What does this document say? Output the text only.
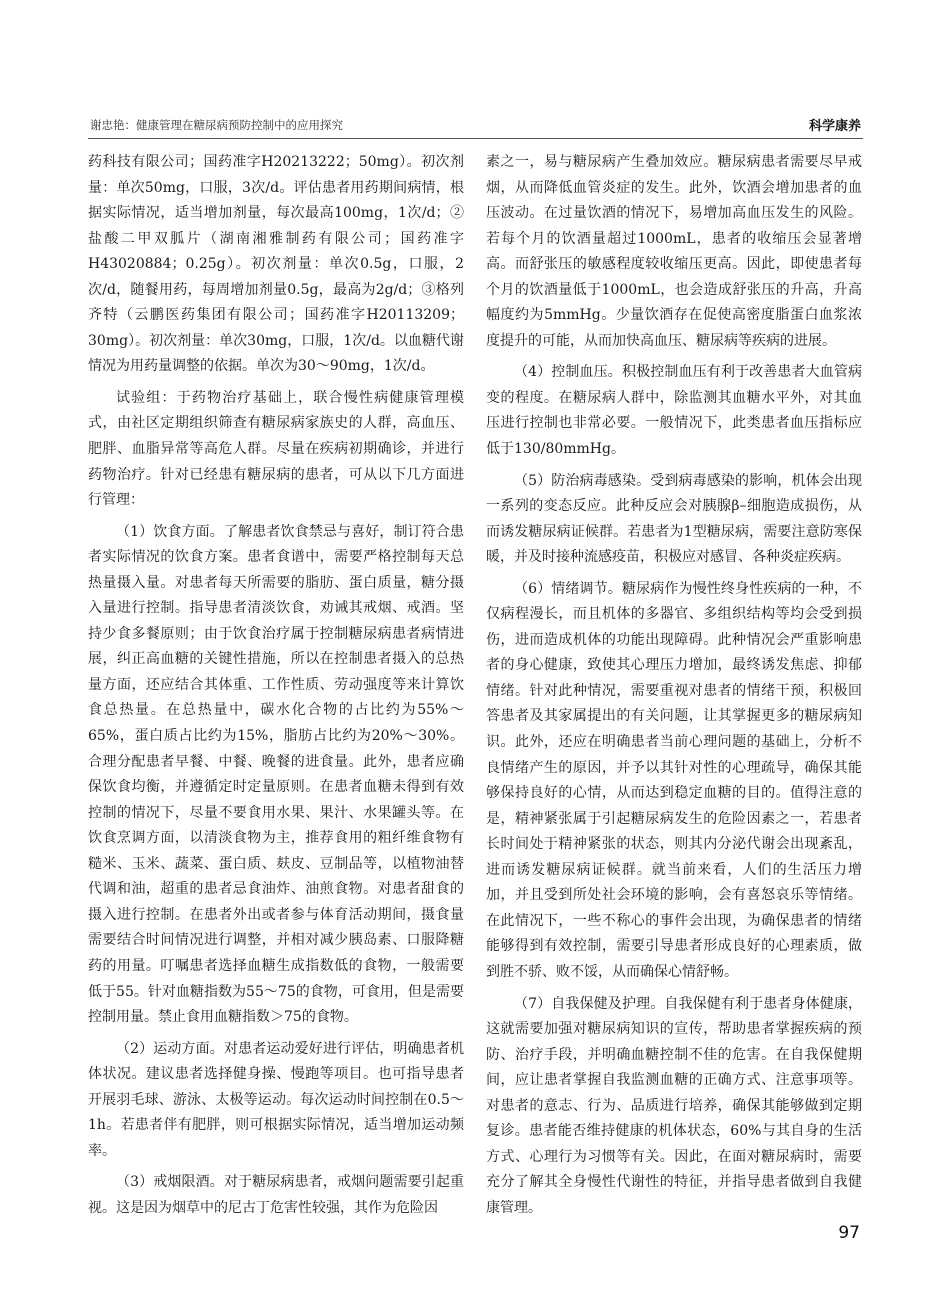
谢忠艳：健康管理在糖尿病预防控制中的应用探究	科学康养

药科技有限公司；国药准字H20213222；50mg）。初次剂量：单次50mg，口服，3次/d。评估患者用药期间病情，根据实际情况，适当增加剂量，每次最高100mg，1次/d；②盐酸二甲双胍片（湖南湘雅制药有限公司；国药准字H43020884；0.25g）。初次剂量：单次0.5g，口服，2次/d，随餐用药，每周增加剂量0.5g，最高为2g/d；③格列齐特（云鹏医药集团有限公司；国药准字H20113209；30mg）。初次剂量：单次30mg，口服，1次/d。以血糖代谢情况为用药量调整的依据。单次为30～90mg，1次/d。

试验组：于药物治疗基础上，联合慢性病健康管理模式，由社区定期组织筛查有糖尿病家族史的人群，高血压、肥胖、血脂异常等高危人群。尽量在疾病初期确诊，并进行药物治疗。针对已经患有糖尿病的患者，可从以下几方面进行管理：

（1）饮食方面。了解患者饮食禁忌与喜好，制订符合患者实际情况的饮食方案。患者食谱中，需要严格控制每天总热量摄入量。对患者每天所需要的脂肪、蛋白质量，糖分摄入量进行控制。指导患者清淡饮食，劝诫其戒烟、戒酒。坚持少食多餐原则；由于饮食治疗属于控制糖尿病患者病情进展，纠正高血糖的关键性措施，所以在控制患者摄入的总热量方面，还应结合其体重、工作性质、劳动强度等来计算饮食总热量。在总热量中，碳水化合物的占比约为55%～65%，蛋白质占比约为15%，脂肪占比约为20%～30%。合理分配患者早餐、中餐、晚餐的进食量。此外，患者应确保饮食均衡，并遵循定时定量原则。在患者血糖未得到有效控制的情况下，尽量不要食用水果、果汁、水果罐头等。在饮食烹调方面，以清淡食物为主，推荐食用的粗纤维食物有糙米、玉米、蔬菜、蛋白质、麸皮、豆制品等，以植物油替代调和油，超重的患者忌食油炸、油煎食物。对患者甜食的摄入进行控制。在患者外出或者参与体育活动期间，摄食量需要结合时间情况进行调整，并相对减少胰岛素、口服降糖药的用量。叮嘱患者选择血糖生成指数低的食物，一般需要低于55。针对血糖指数为55～75的食物，可食用，但是需要控制用量。禁止食用血糖指数＞75的食物。

（2）运动方面。对患者运动爱好进行评估，明确患者机体状况。建议患者选择健身操、慢跑等项目。也可指导患者开展羽毛球、游泳、太极等运动。每次运动时间控制在0.5～1h。若患者伴有肥胖，则可根据实际情况，适当增加运动频率。

（3）戒烟限酒。对于糖尿病患者，戒烟问题需要引起重视。这是因为烟草中的尼古丁危害性较强，其作为危险因

素之一，易与糖尿病产生叠加效应。糖尿病患者需要尽早戒烟，从而降低血管炎症的发生。此外，饮酒会增加患者的血压波动。在过量饮酒的情况下，易增加高血压发生的风险。若每个月的饮酒量超过1000mL，患者的收缩压会显著增高。而舒张压的敏感程度较收缩压更高。因此，即使患者每个月的饮酒量低于1000mL，也会造成舒张压的升高，升高幅度约为5mmHg。少量饮酒存在促使高密度脂蛋白血浆浓度提升的可能，从而加快高血压、糖尿病等疾病的进展。

（4）控制血压。积极控制血压有利于改善患者大血管病变的程度。在糖尿病人群中，除监测其血糖水平外，对其血压进行控制也非常必要。一般情况下，此类患者血压指标应低于130/80mmHg。

（5）防治病毒感染。受到病毒感染的影响，机体会出现一系列的变态反应。此种反应会对胰腺β–细胞造成损伤，从而诱发糖尿病证候群。若患者为1型糖尿病，需要注意防寒保暖，并及时接种流感疫苗，积极应对感冒、各种炎症疾病。

（6）情绪调节。糖尿病作为慢性终身性疾病的一种，不仅病程漫长，而且机体的多器官、多组织结构等均会受到损伤，进而造成机体的功能出现障碍。此种情况会严重影响患者的身心健康，致使其心理压力增加，最终诱发焦虑、抑郁情绪。针对此种情况，需要重视对患者的情绪干预，积极回答患者及其家属提出的有关问题，让其掌握更多的糖尿病知识。此外，还应在明确患者当前心理问题的基础上，分析不良情绪产生的原因，并予以其针对性的心理疏导，确保其能够保持良好的心情，从而达到稳定血糖的目的。值得注意的是，精神紧张属于引起糖尿病发生的危险因素之一，若患者长时间处于精神紧张的状态，则其内分泌代谢会出现紊乱，进而诱发糖尿病证候群。就当前来看，人们的生活压力增加，并且受到所处社会环境的影响，会有喜怒哀乐等情绪。在此情况下，一些不称心的事件会出现，为确保患者的情绪能够得到有效控制，需要引导患者形成良好的心理素质，做到胜不骄、败不馁，从而确保心情舒畅。

（7）自我保健及护理。自我保健有利于患者身体健康，这就需要加强对糖尿病知识的宣传，帮助患者掌握疾病的预防、治疗手段，并明确血糖控制不佳的危害。在自我保健期间，应让患者掌握自我监测血糖的正确方式、注意事项等。对患者的意志、行为、品质进行培养，确保其能够做到定期复诊。患者能否维持健康的机体状态，60%与其自身的生活方式、心理行为习惯等有关。因此，在面对糖尿病时，需要充分了解其全身慢性代谢性的特征，并指导患者做到自我健康管理。

97
